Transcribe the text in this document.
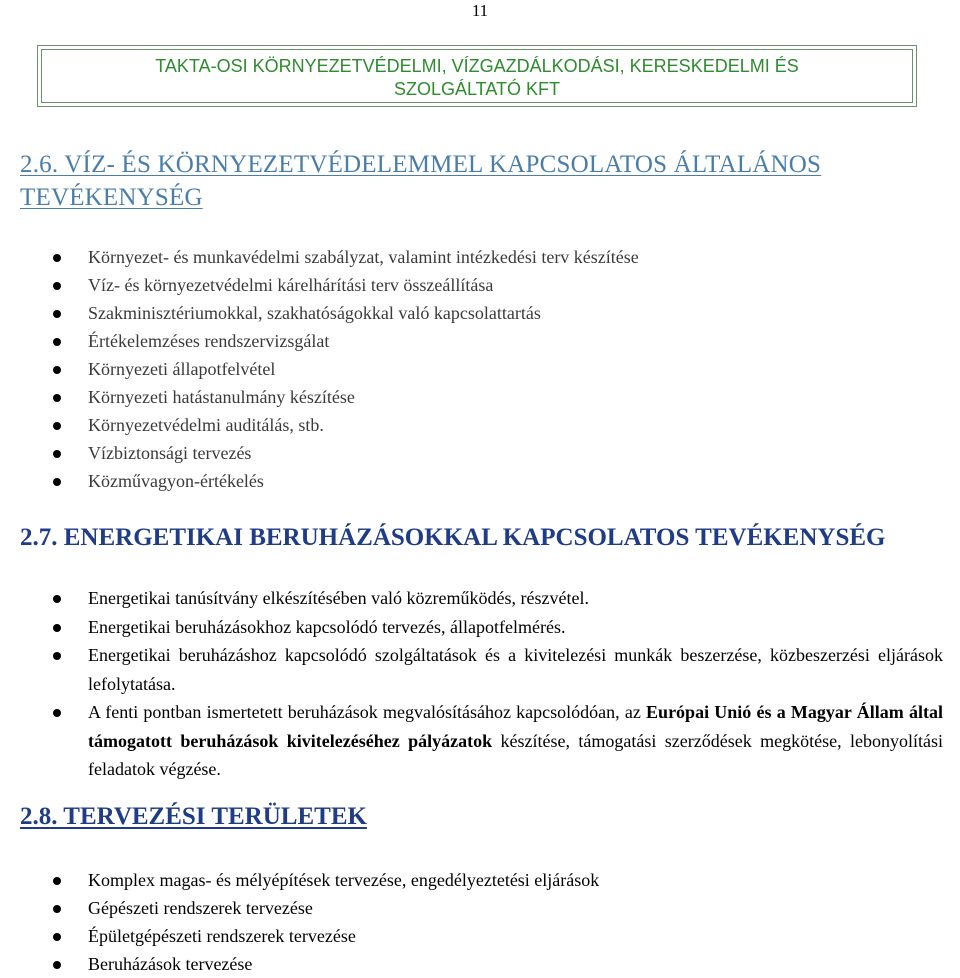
11
TAKTA-OSI KÖRNYEZETVÉDELMI, VÍZGAZDÁLKODÁSI, KERESKEDELMI ÉS
SZOLGÁLTATÓ KFT
2.6. VÍZ- ÉS KÖRNYEZETVÉDELEMMEL KAPCSOLATOS ÁLTALÁNOS TEVÉKENYSÉG
Környezet- és munkavédelmi szabályzat, valamint intézkedési terv készítése
Víz- és környezetvédelmi kárelhárítási terv összeállítása
Szakminisztériumokkal, szakhatóságokkal való kapcsolattartás
Értékelemzéses rendszervizsgálat
Környezeti állapotfelvétel
Környezeti hatástanulmány készítése
Környezetvédelmi auditálás, stb.
Vízbiztonsági tervezés
Közművagyon-értékelés
2.7. ENERGETIKAI BERUHÁZÁSOKKAL KAPCSOLATOS TEVÉKENYSÉG
Energetikai tanúsítvány elkészítésében való közreműködés, részvétel.
Energetikai beruházásokhoz kapcsolódó tervezés, állapotfelmérés.
Energetikai beruházáshoz kapcsolódó szolgáltatások és a kivitelezési munkák beszerzése, közbeszerzési eljárások lefolytatása.
A fenti pontban ismertetett beruházások megvalósításához kapcsolódóan, az Európai Unió és a Magyar Állam által támogatott beruházások kivitelezéséhez pályázatok készítése, támogatási szerződések megkötése, lebonyolítási feladatok végzése.
2.8. TERVEZÉSI TERÜLETEK
Komplex magas- és mélyépítések tervezése, engedélyeztetési eljárások
Gépészeti rendszerek tervezése
Épületgépészeti rendszerek tervezése
Beruházások tervezése
